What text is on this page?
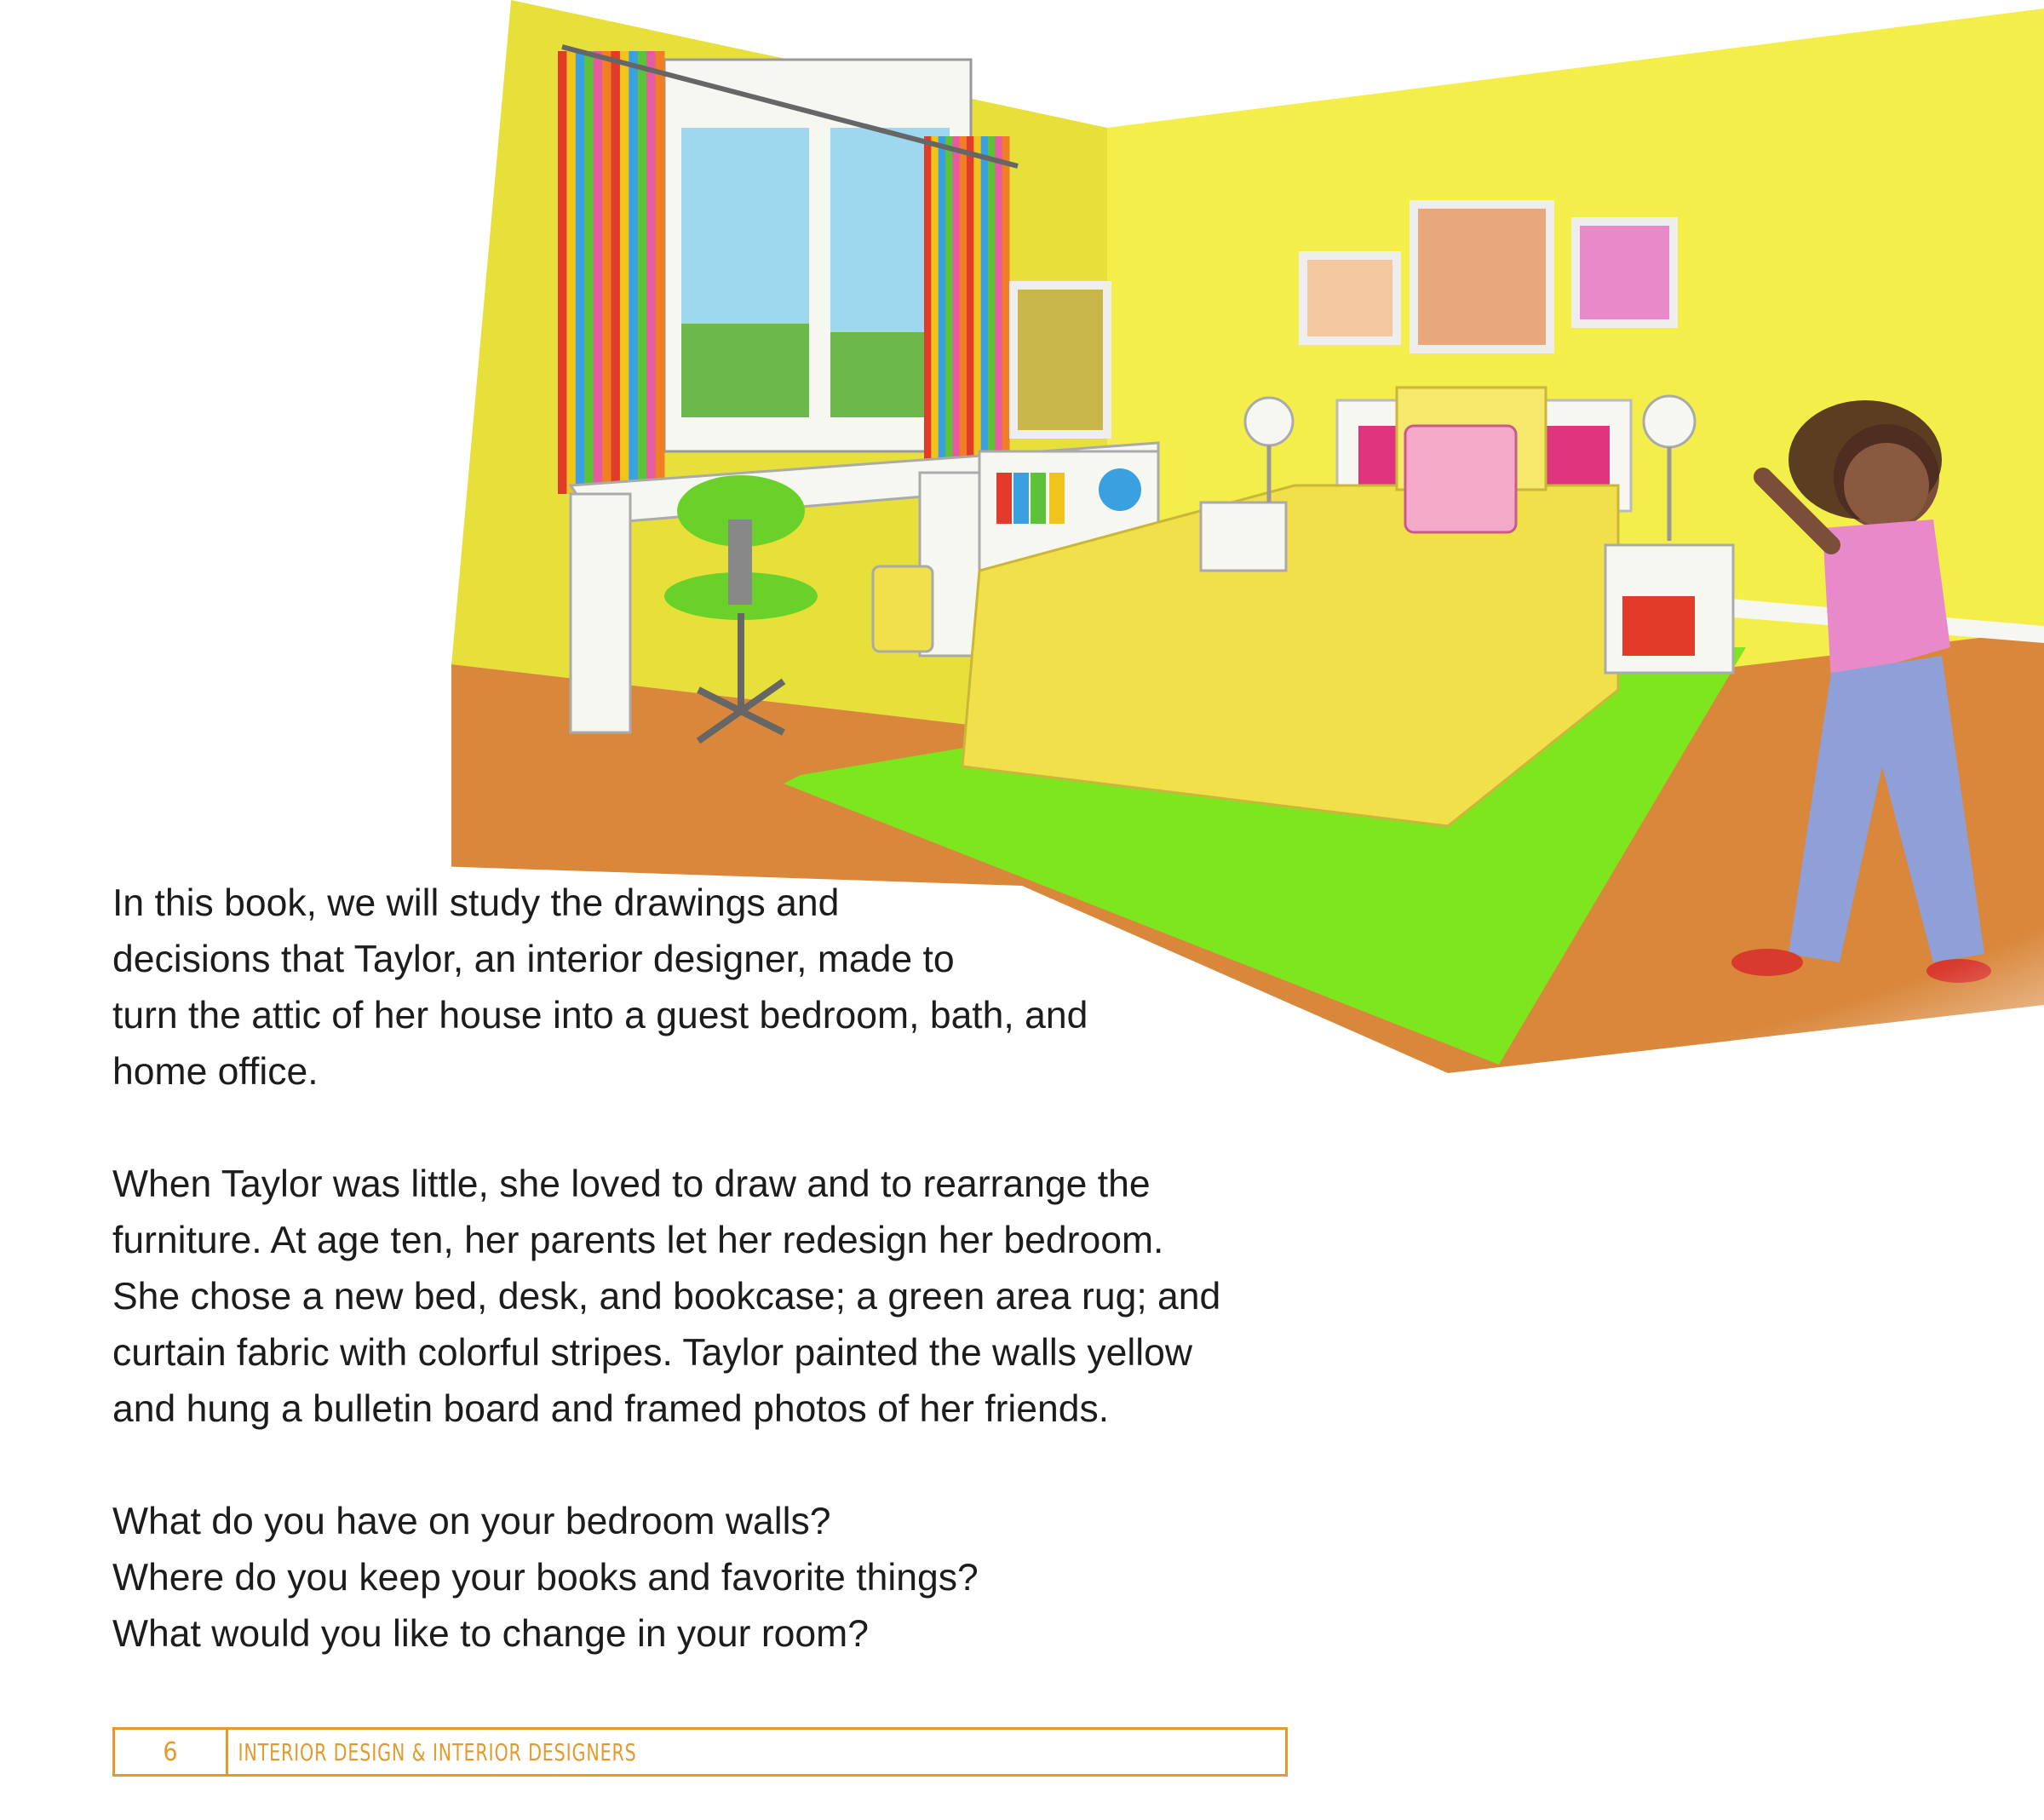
In this book, we will study the drawings and
decisions that Taylor, an interior designer, made to
turn the attic of her house into a guest bedroom, bath, and
home office.

When Taylor was little, she loved to draw and to rearrange the
furniture. At age ten, her parents let her redesign her bedroom.
She chose a new bed, desk, and bookcase; a green area rug; and
curtain fabric with colorful stripes. Taylor painted the walls yellow
and hung a bulletin board and framed photos of her friends.

What do you have on your bedroom walls?
Where do you keep your books and favorite things?
What would you like to change in your room?

6	INTERIOR DESIGN & INTERIOR DESIGNERS
